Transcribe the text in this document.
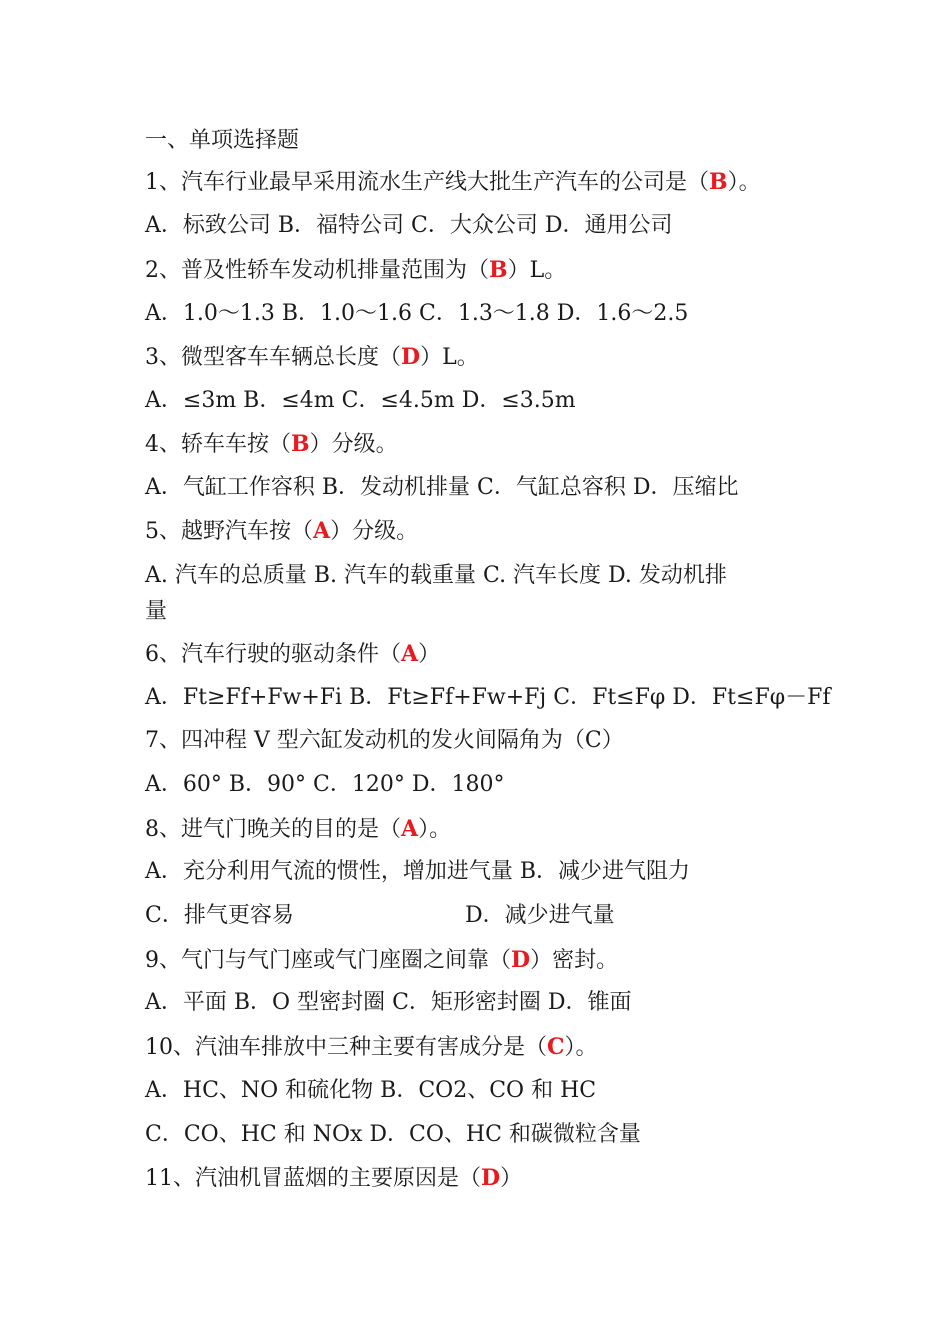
一、单项选择题
1、汽车行业最早采用流水生产线大批生产汽车的公司是（B）。
A．标致公司 B．福特公司 C．大众公司 D．通用公司
2、普及性轿车发动机排量范围为（B）L。
A．1.0～1.3 B．1.0～1.6 C．1.3～1.8 D．1.6～2.5
3、微型客车车辆总长度（D）L。
A．≤3m B．≤4m C．≤4.5m D．≤3.5m
4、轿车车按（B）分级。
A．气缸工作容积 B．发动机排量 C．气缸总容积 D．压缩比
5、越野汽车按（A）分级。
A. 汽车的总质量 B. 汽车的载重量 C. 汽车长度 D. 发动机排
量
6、汽车行驶的驱动条件（A）
A．Ft≥Ff+Fw+Fi B．Ft≥Ff+Fw+Fj C．Ft≤Fφ D．Ft≤Fφ－Ff
7、四冲程 V 型六缸发动机的发火间隔角为（C）
A．60° B．90° C．120° D．180°
8、进气门晚关的目的是（A）。
A．充分利用气流的惯性，增加进气量 B．减少进气阻力
C．排气更容易	D．减少进气量
9、气门与气门座或气门座圈之间靠（D）密封。
A．平面 B．O 型密封圈 C．矩形密封圈 D．锥面
10、汽油车排放中三种主要有害成分是（C）。
A．HC、NO 和硫化物 B．CO2、CO 和 HC
C．CO、HC 和 NOx D．CO、HC 和碳微粒含量
11、汽油机冒蓝烟的主要原因是（D）
